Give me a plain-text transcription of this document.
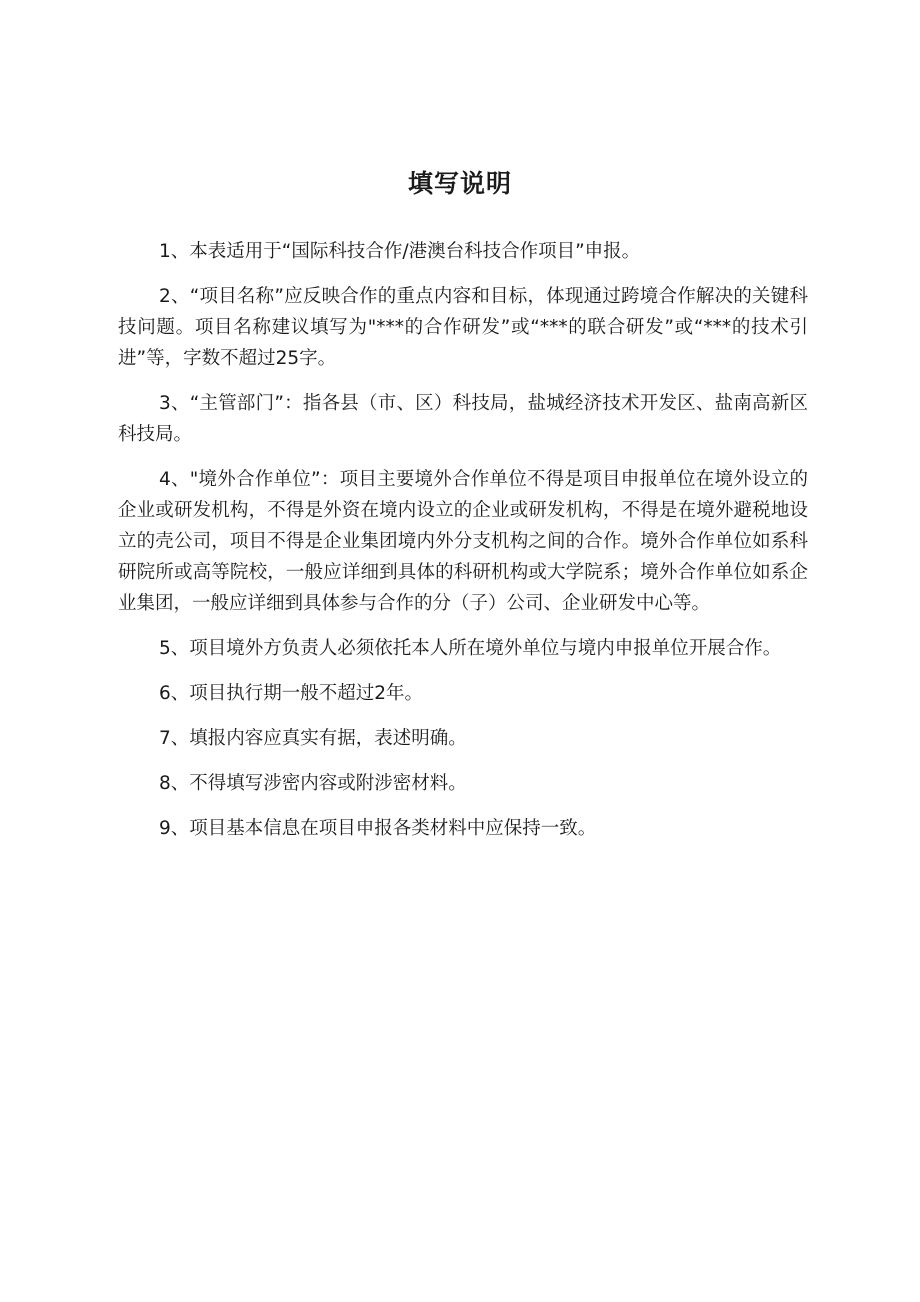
填写说明

1、本表适用于“国际科技合作/港澳台科技合作项目”申报。

2、“项目名称”应反映合作的重点内容和目标，体现通过跨境合作解决的关键科技问题。项目名称建议填写为"***的合作研发”或“***的联合研发”或“***的技术引进”等，字数不超过25字。

3、“主管部门”：指各县（市、区）科技局，盐城经济技术开发区、盐南高新区科技局。

4、"境外合作单位”：项目主要境外合作单位不得是项目申报单位在境外设立的企业或研发机构，不得是外资在境内设立的企业或研发机构，不得是在境外避税地设立的壳公司，项目不得是企业集团境内外分支机构之间的合作。境外合作单位如系科研院所或高等院校，一般应详细到具体的科研机构或大学院系；境外合作单位如系企业集团，一般应详细到具体参与合作的分（子）公司、企业研发中心等。

5、项目境外方负责人必须依托本人所在境外单位与境内申报单位开展合作。

6、项目执行期一般不超过2年。

7、填报内容应真实有据，表述明确。

8、不得填写涉密内容或附涉密材料。

9、项目基本信息在项目申报各类材料中应保持一致。
